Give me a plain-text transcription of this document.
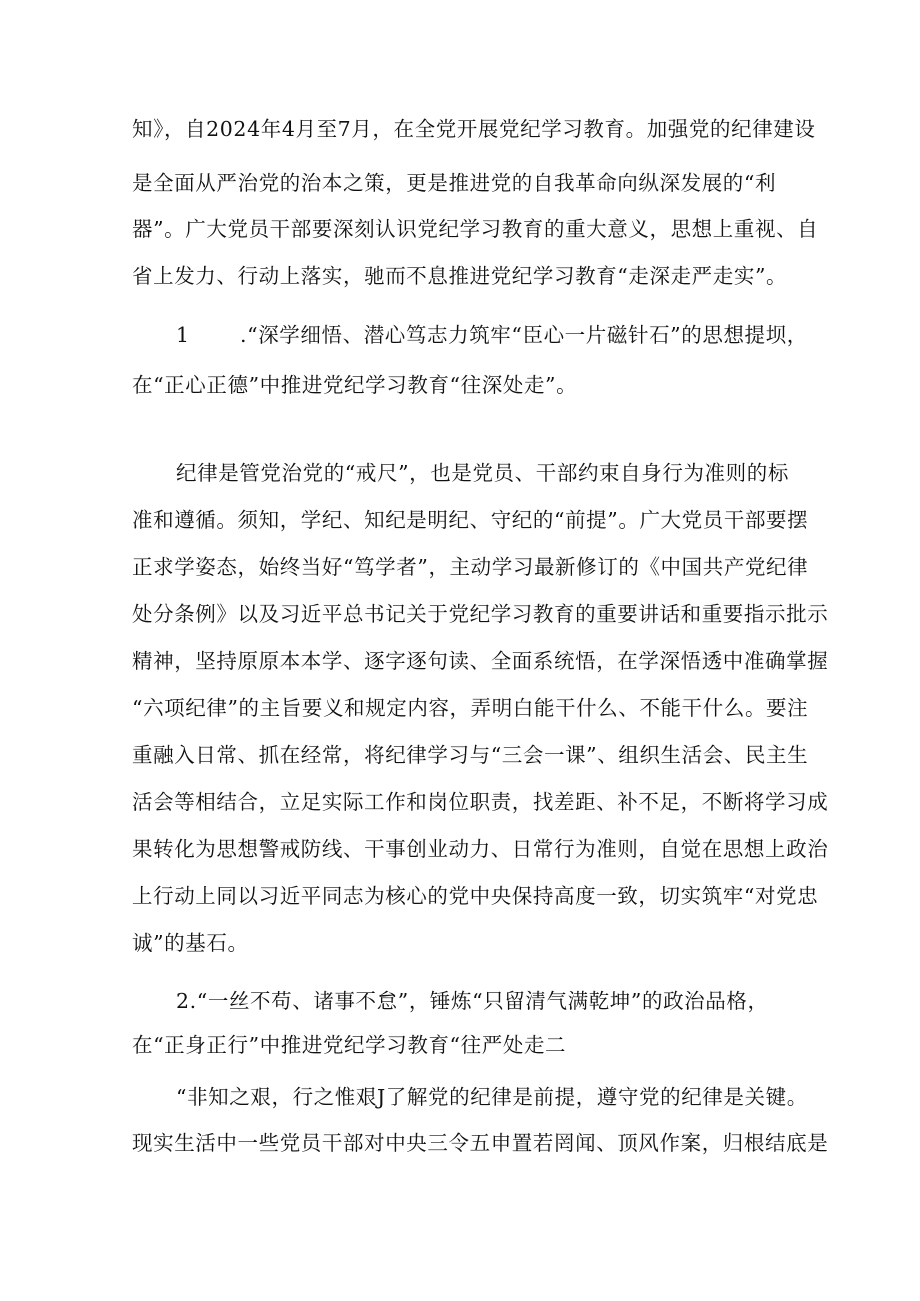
知》，自2024年4月至7月，在全党开展党纪学习教育。加强党的纪律建设
是全面从严治党的治本之策，更是推进党的自我革命向纵深发展的“利
器”。广大党员干部要深刻认识党纪学习教育的重大意义，思想上重视、自
省上发力、行动上落实，驰而不息推进党纪学习教育“走深走严走实”。
1 .“深学细悟、潜心笃志力筑牢“臣心一片磁针石”的思想提坝，
在“正心正德”中推进党纪学习教育“往深处走”。
纪律是管党治党的“戒尺”，也是党员、干部约束自身行为准则的标
准和遵循。须知，学纪、知纪是明纪、守纪的“前提”。广大党员干部要摆
正求学姿态，始终当好“笃学者”，主动学习最新修订的《中国共产党纪律
处分条例》以及习近平总书记关于党纪学习教育的重要讲话和重要指示批示
精神，坚持原原本本学、逐字逐句读、全面系统悟，在学深悟透中准确掌握
“六项纪律”的主旨要义和规定内容，弄明白能干什么、不能干什么。要注
重融入日常、抓在经常，将纪律学习与“三会一课”、组织生活会、民主生
活会等相结合，立足实际工作和岗位职责，找差距、补不足，不断将学习成
果转化为思想警戒防线、干事创业动力、日常行为准则，自觉在思想上政治
上行动上同以习近平同志为核心的党中央保持高度一致，切实筑牢“对党忠
诚”的基石。
2.“一丝不苟、诸事不怠”，锤炼“只留清气满乾坤”的政治品格，
在“正身正行”中推进党纪学习教育“往严处走二
“非知之艰，行之惟艰J了解党的纪律是前提，遵守党的纪律是关键。
现实生活中一些党员干部对中央三令五申置若罔闻、顶风作案，归根结底是
